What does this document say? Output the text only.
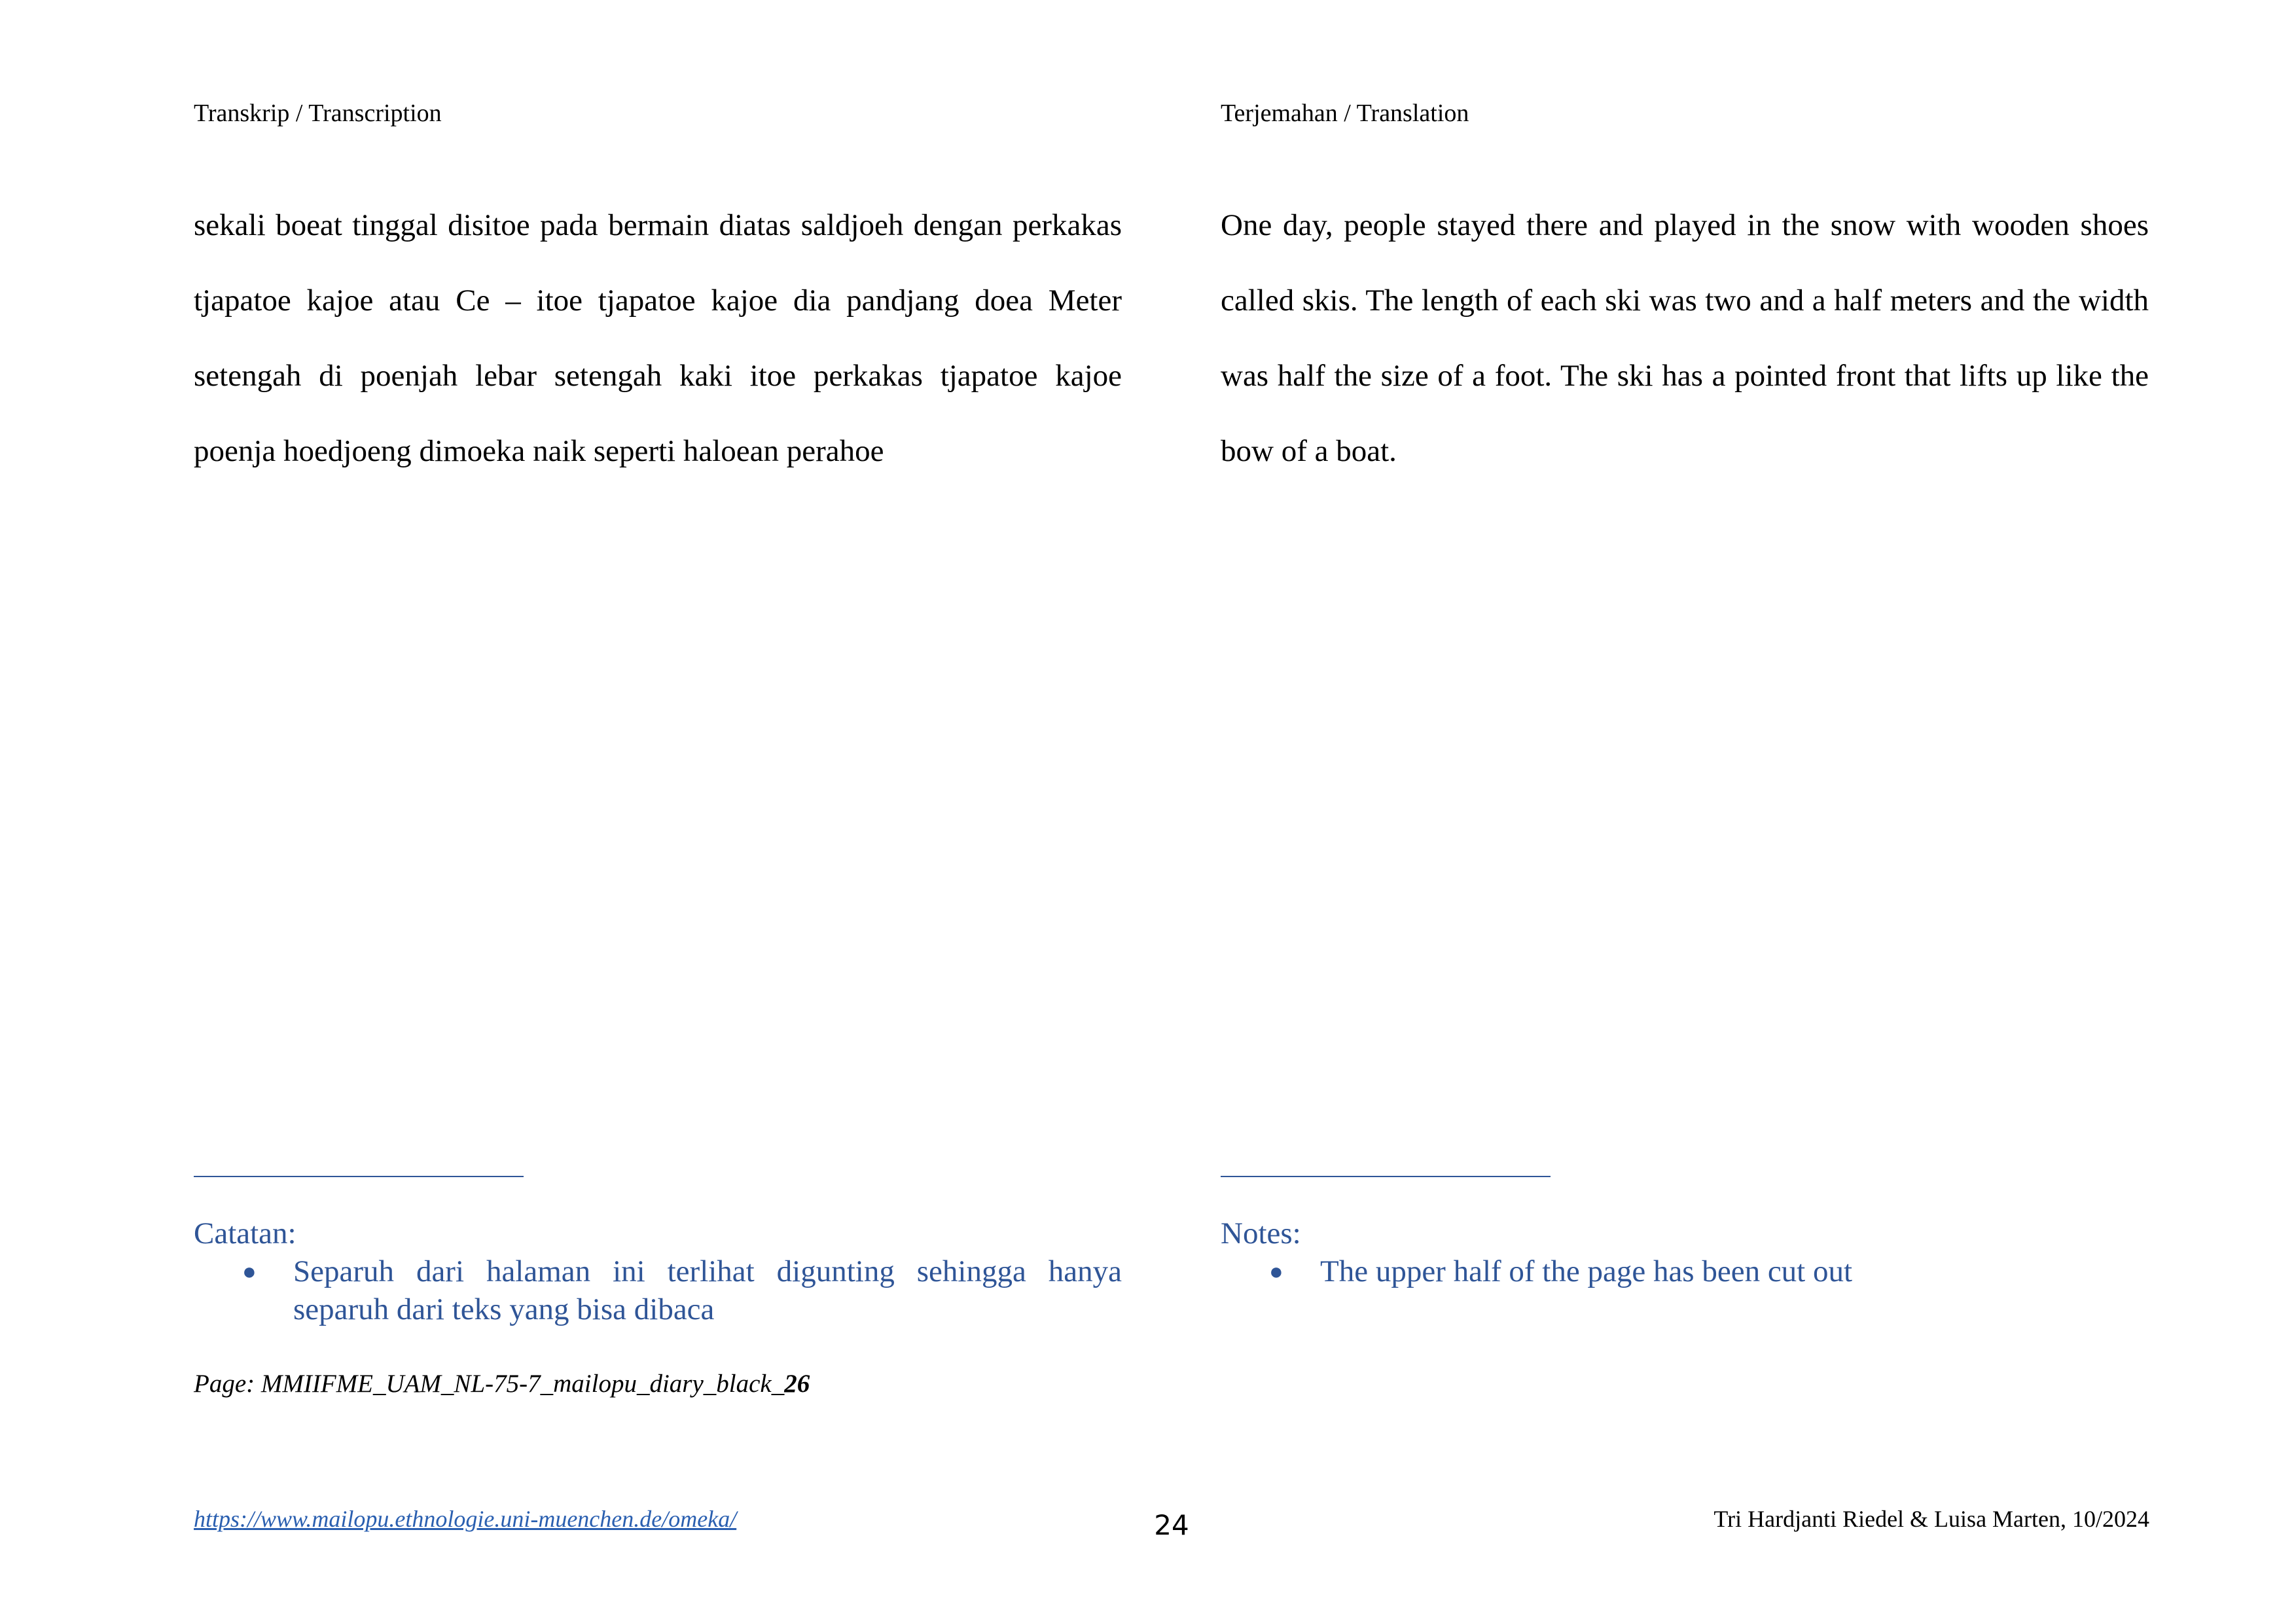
Transkrip / Transcription

sekali boeat tinggal disitoe pada bermain diatas saldjoeh dengan perkakas tjapatoe kajoe atau Ce – itoe tjapatoe kajoe dia pandjang doea Meter setengah di poenjah lebar setengah kaki itoe perkakas tjapatoe kajoe poenja hoedjoeng dimoeka naik seperti haloean perahoe

Catatan:
● Separuh dari halaman ini terlihat digunting sehingga hanya separuh dari teks yang bisa dibaca
Terjemahan / Translation

One day, people stayed there and played in the snow with wooden shoes called skis. The length of each ski was two and a half meters and the width was half the size of a foot. The ski has a pointed front that lifts up like the bow of a boat.

Notes:
● The upper half of the page has been cut out
Page: MMIIFME_UAM_NL-75-7_mailopu_diary_black_26
https://www.mailopu.ethnologie.uni-muenchen.de/omeka/	24	Tri Hardjanti Riedel & Luisa Marten, 10/2024
